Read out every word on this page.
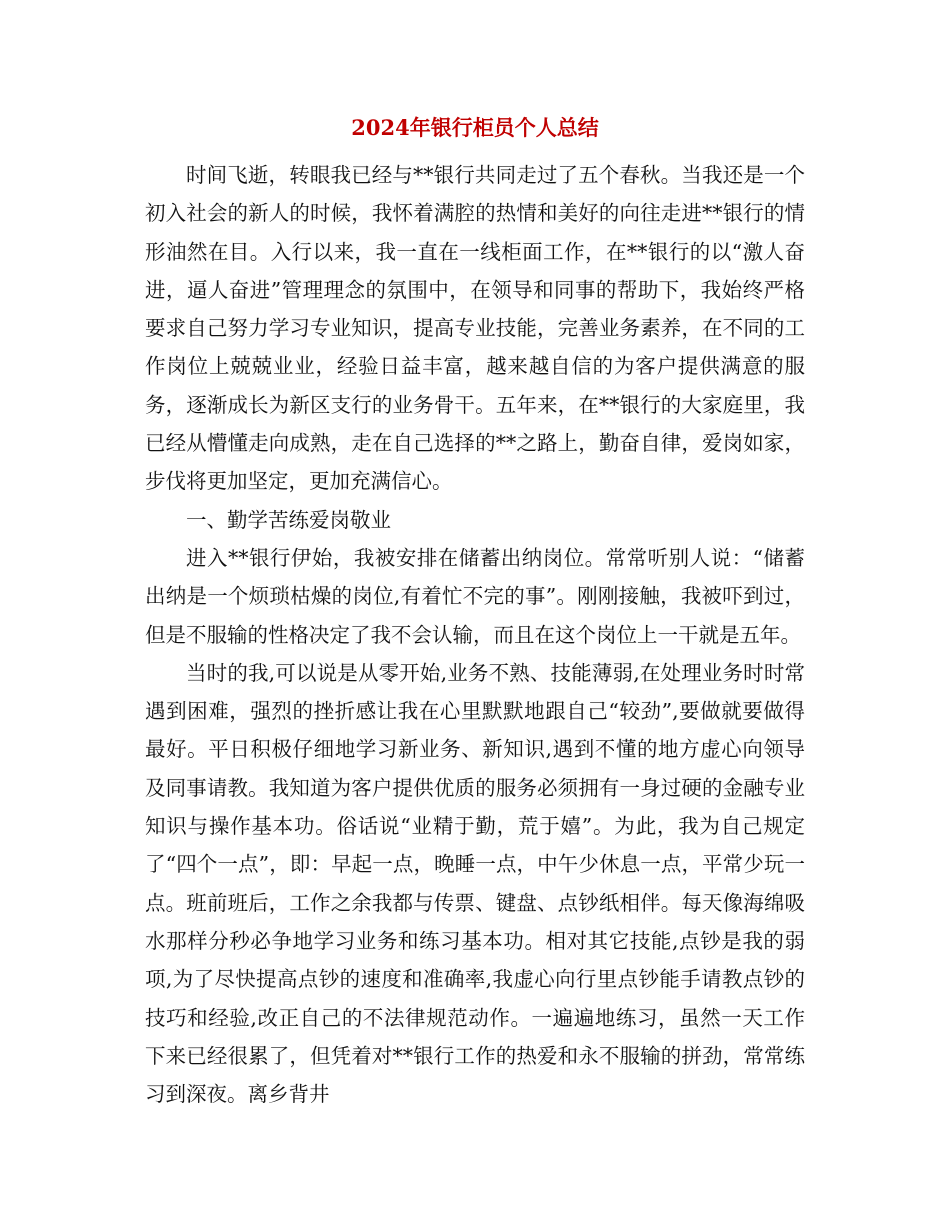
2024年银行柜员个人总结

时间飞逝，转眼我已经与**银行共同走过了五个春秋。当我还是一个初入社会的新人的时候，我怀着满腔的热情和美好的向往走进**银行的情形油然在目。入行以来，我一直在一线柜面工作，在**银行的以“激人奋进，逼人奋进”管理理念的氛围中，在领导和同事的帮助下，我始终严格要求自己努力学习专业知识，提高专业技能，完善业务素养，在不同的工作岗位上兢兢业业，经验日益丰富，越来越自信的为客户提供满意的服务，逐渐成长为新区支行的业务骨干。五年来，在**银行的大家庭里，我已经从懵懂走向成熟，走在自己选择的**之路上，勤奋自律，爱岗如家，步伐将更加坚定，更加充满信心。

一、勤学苦练爱岗敬业

进入**银行伊始，我被安排在储蓄出纳岗位。常常听别人说：“储蓄出纳是一个烦琐枯燥的岗位,有着忙不完的事”。刚刚接触，我被吓到过，但是不服输的性格决定了我不会认输，而且在这个岗位上一干就是五年。

当时的我,可以说是从零开始,业务不熟、技能薄弱,在处理业务时时常遇到困难，强烈的挫折感让我在心里默默地跟自己“较劲”,要做就要做得最好。平日积极仔细地学习新业务、新知识,遇到不懂的地方虚心向领导及同事请教。我知道为客户提供优质的服务必须拥有一身过硬的金融专业知识与操作基本功。俗话说“业精于勤，荒于嬉”。为此，我为自己规定了“四个一点”，即：早起一点，晚睡一点，中午少休息一点，平常少玩一点。班前班后，工作之余我都与传票、键盘、点钞纸相伴。每天像海绵吸水那样分秒必争地学习业务和练习基本功。相对其它技能,点钞是我的弱项,为了尽快提高点钞的速度和准确率,我虚心向行里点钞能手请教点钞的技巧和经验,改正自己的不法律规范动作。一遍遍地练习，虽然一天工作下来已经很累了，但凭着对**银行工作的热爱和永不服输的拼劲，常常练习到深夜。离乡背井
